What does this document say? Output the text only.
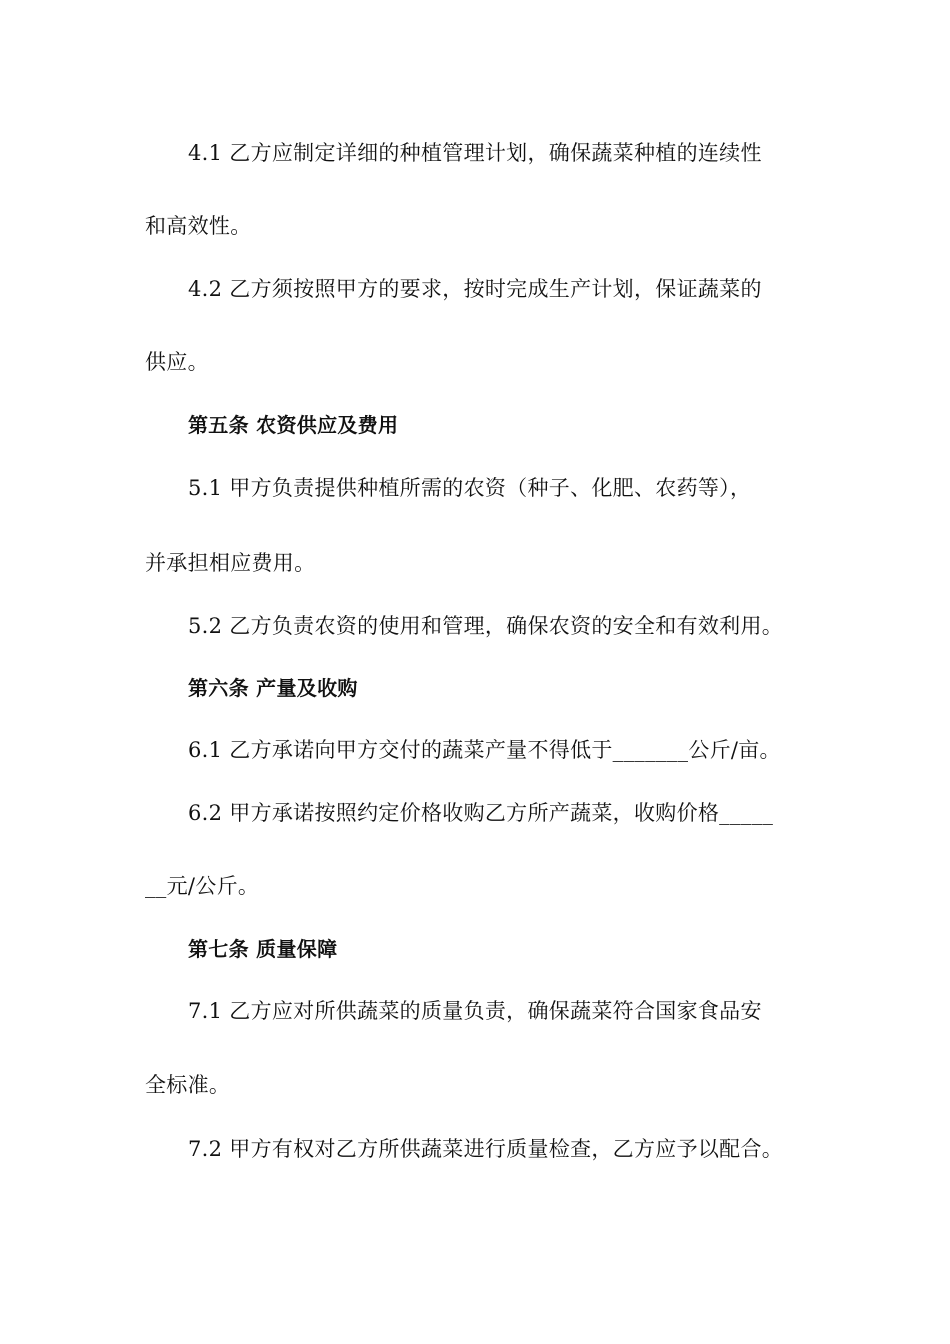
4.1 乙方应制定详细的种植管理计划，确保蔬菜种植的连续性
和高效性。
4.2 乙方须按照甲方的要求，按时完成生产计划，保证蔬菜的
供应。
第五条 农资供应及费用
5.1 甲方负责提供种植所需的农资（种子、化肥、农药等），
并承担相应费用。
5.2 乙方负责农资的使用和管理，确保农资的安全和有效利用。
第六条 产量及收购
6.1 乙方承诺向甲方交付的蔬菜产量不得低于_______公斤/亩。
6.2 甲方承诺按照约定价格收购乙方所产蔬菜，收购价格_____
__元/公斤。
第七条 质量保障
7.1 乙方应对所供蔬菜的质量负责，确保蔬菜符合国家食品安
全标准。
7.2 甲方有权对乙方所供蔬菜进行质量检查，乙方应予以配合。
